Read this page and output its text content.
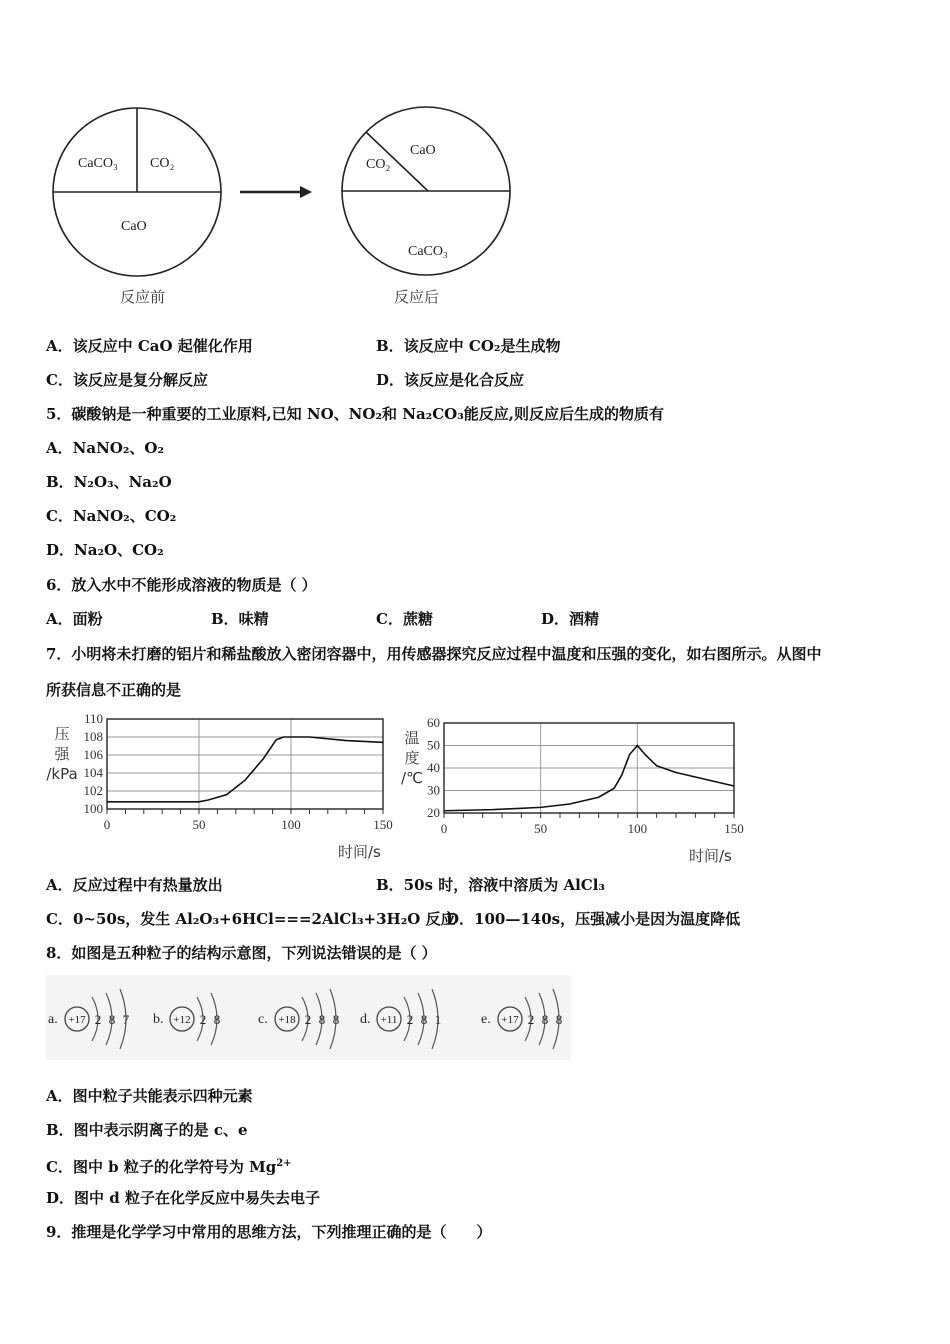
CaCO₃ CO₂
CaO
反应前
CO₂
CaO
CaCO₃
反应后
A．该反应中 CaO 起催化作用	B．该反应中 CO₂是生成物
C．该反应是复分解反应	D．该反应是化合反应
5．碳酸钠是一种重要的工业原料,已知 NO、NO₂和 Na₂CO₃能反应,则反应后生成的物质有
A．NaNO₂、O₂
B．N₂O₃、Na₂O
C．NaNO₂、CO₂
D．Na₂O、CO₂
6．放入水中不能形成溶液的物质是（ ）
A．面粉	B．味精	C．蔗糖	D．酒精
7．小明将未打磨的铝片和稀盐酸放入密闭容器中，用传感器探究反应过程中温度和压强的变化，如右图所示。从图中
所获信息不正确的是
100
102
104
106
108
110
0	50	100	150
压
强
/kPa
时间/s
20
30
40
50
60
0	50	100	150
温
度
/℃
时间/s
A．反应过程中有热量放出	B．50s 时，溶液中溶质为 AlCl₃
C．0~50s，发生 Al₂O₃+6HCl===2AlCl₃+3H₂O 反应
D．100—140s，压强减小是因为温度降低
8．如图是五种粒子的结构示意图，下列说法错误的是（ ）
a. +17 2 8 7 b. +12 2 8	c. +18 2 8 8 d. +11 2 8 1	e. +17 2 8 8
A．图中粒子共能表示四种元素
B．图中表示阴离子的是 c、e
C．图中 b 粒子的化学符号为 $Mg^{2+}$
D．图中 d 粒子在化学反应中易失去电子
9．推理是化学学习中常用的思维方法，下列推理正确的是（　　）
